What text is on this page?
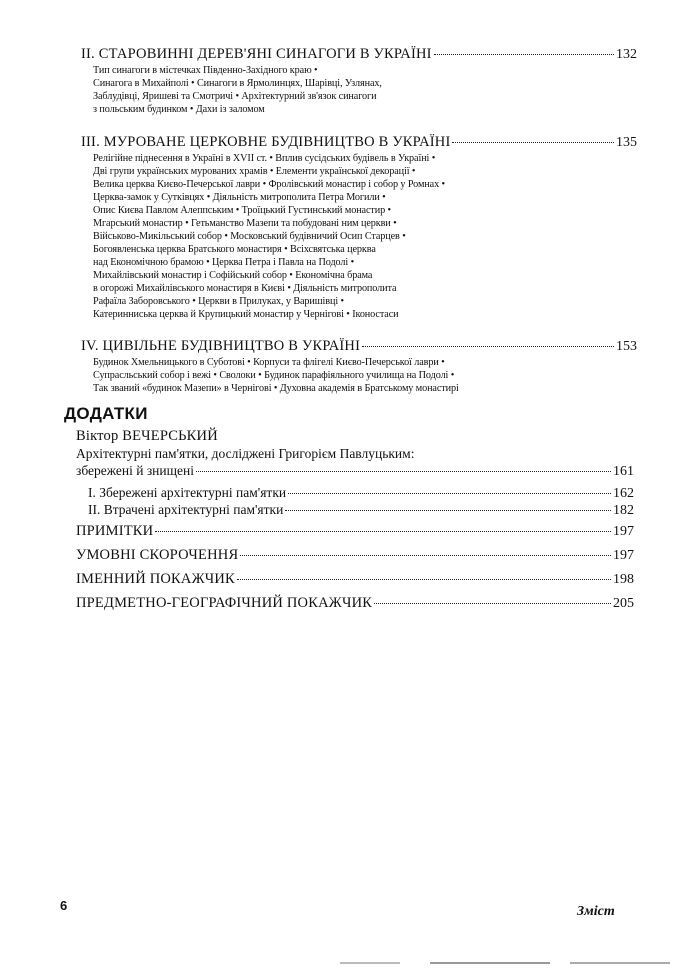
II. СТАРОВИННІ ДЕРЕВ'ЯНІ СИНАГОГИ В УКРАЇНІ	132
Тип синагоги в містечках Південно-Західного краю •
Синагога в Михайполі • Синагоги в Ярмолинцях, Шарівці, Узлянах,
Заблудівці, Яришеві та Смотричі • Архітектурний зв'язок синагоги
з польським будинком • Дахи із заломом
III. МУРОВАНЕ ЦЕРКОВНЕ БУДІВНИЦТВО В УКРАЇНІ	135
Релігійне піднесення в Україні в XVII ст. • Вплив сусідських будівель в Україні •
Дві групи українських мурованих храмів • Елементи української декорації •
Велика церква Києво-Печерської лаври • Фролівський монастир і собор у Ромнах •
Церква-замок у Сутківцях • Діяльність митрополита Петра Могили •
Опис Києва Павлом Алеппським • Троїцький Густинський монастир •
Мгарський монастир • Гетьманство Мазепи та побудовані ним церкви •
Військово-Микільський собор • Московський будівничий Осип Старцев •
Богоявленська церква Братського монастиря • Всіхсвятська церква
над Економічною брамою • Церква Петра і Павла на Подолі •
Михайлівський монастир і Софійський собор • Економічна брама
в огорожі Михайлівського монастиря в Києві • Діяльність митрополита
Рафаїла Заборовського • Церкви в Прилуках, у Варишівці •
Катеринниська церква й Крупицький монастир у Чернігові • Іконостаси
IV. ЦИВІЛЬНЕ БУДІВНИЦТВО В УКРАЇНІ	153
Будинок Хмельницького в Суботові • Корпуси та флігелі Києво-Печерської лаври •
Супрасльський собор і вежі • Сволоки • Будинок парафіяльного училища на Подолі •
Так званий «будинок Мазепи» в Чернігові • Духовна академія в Братському монастирі
ДОДАТКИ
Віктор ВЕЧЕРСЬКИЙ
Архітектурні пам'ятки, досліджені Григорієм Павлуцьким:
збережені й знищені	161
I. Збережені архітектурні пам'ятки	162
II. Втрачені архітектурні пам'ятки	182
ПРИМІТКИ	197
УМОВНІ СКОРОЧЕННЯ	197
ІМЕННИЙ ПОКАЖЧИК	198
ПРЕДМЕТНО-ГЕОГРАФІЧНИЙ ПОКАЖЧИК	205
6	Зміст
